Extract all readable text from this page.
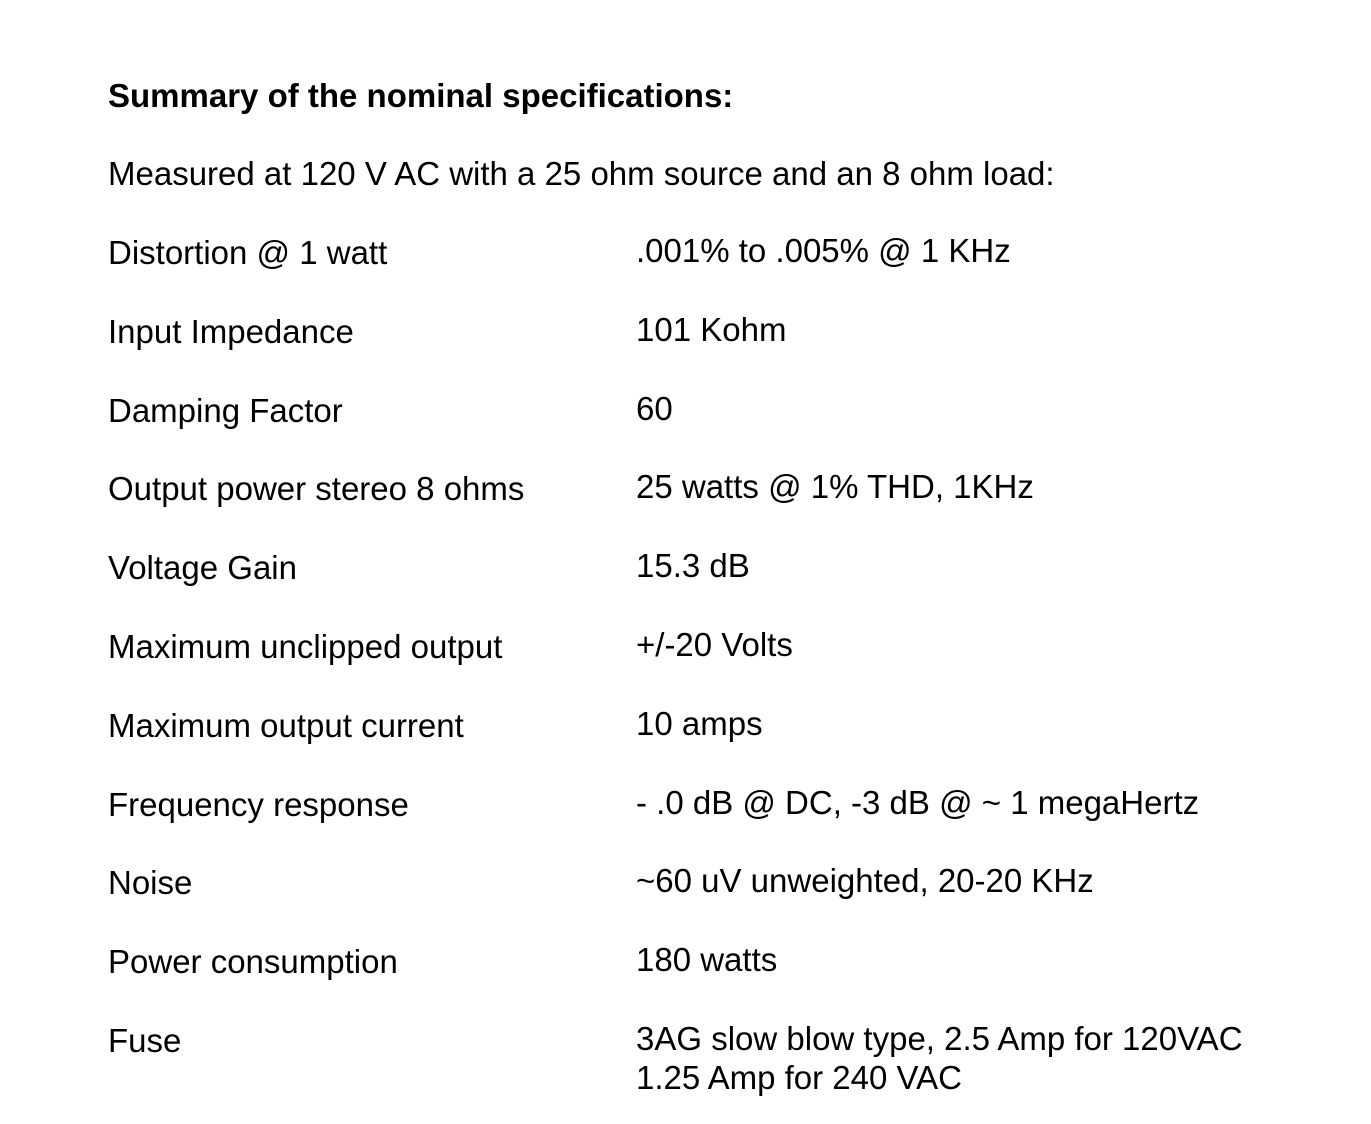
Summary of the nominal specifications:
Measured at 120 V AC with a 25 ohm source and an 8 ohm load:
Distortion @ 1 watt	.001% to .005% @ 1 KHz
Input Impedance	101 Kohm
Damping Factor	60
Output power stereo 8 ohms	25 watts @ 1% THD, 1KHz
Voltage Gain	15.3 dB
Maximum unclipped output	+/-20 Volts
Maximum output current	10 amps
Frequency response	- .0 dB @ DC, -3 dB @ ~ 1 megaHertz
Noise	~60 uV unweighted, 20-20 KHz
Power consumption	180 watts
Fuse	3AG slow blow type, 2.5 Amp for 120VAC
1.25 Amp for 240 VAC
